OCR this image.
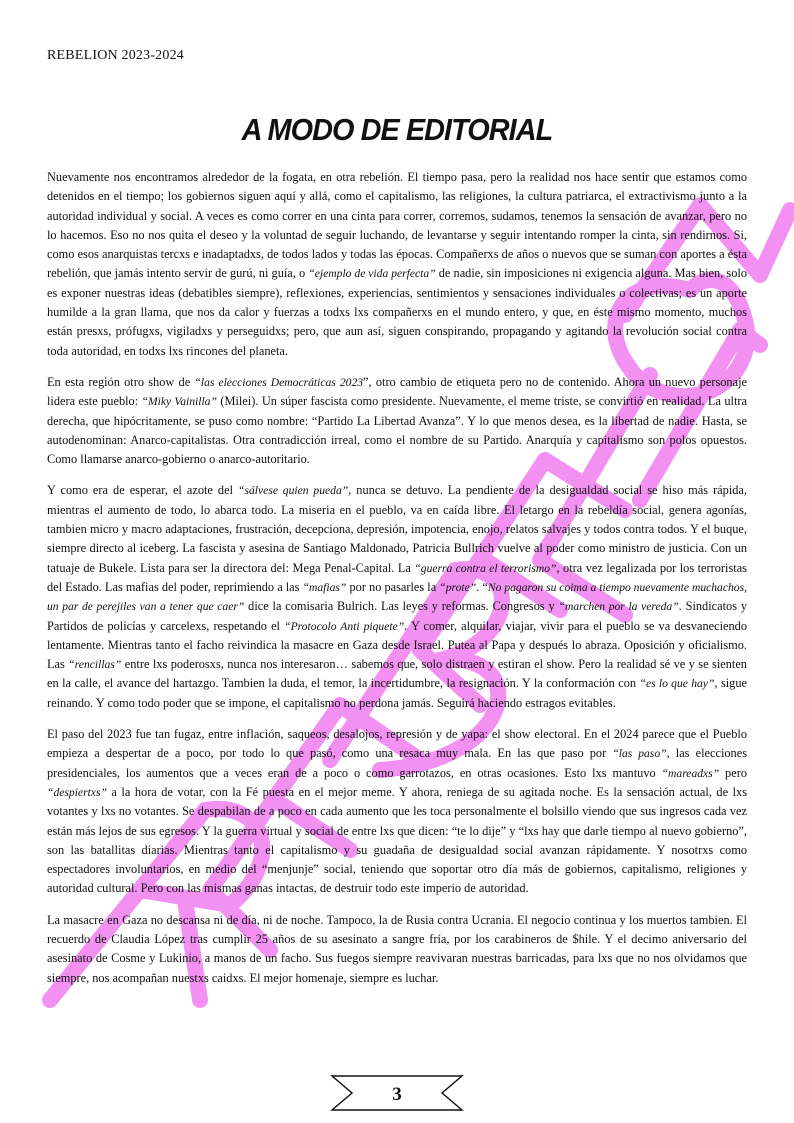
REBELION 2023-2024
A MODO DE EDITORIAL

Nuevamente nos encontramos alrededor de la fogata, en otra rebelión. El tiempo pasa, pero la realidad nos hace sentir que estamos como detenidos en el tiempo; los gobiernos siguen aquí y allá, como el capitalismo, las religiones, la cultura patriarca, el extractivismo junto a la autoridad individual y social. A veces es como correr en una cinta para correr, corremos, sudamos, tenemos la sensación de avanzar, pero no lo hacemos. Eso no nos quita el deseo y la voluntad de seguir luchando, de levantarse y seguir intentando romper la cinta, sin rendirnos. Si, como esos anarquistas tercxs e inadaptadxs, de todos lados y todas las épocas. Compañerxs de años o nuevos que se suman con aportes a ésta rebelión, que jamás intento servir de gurú, ni guía, o “ejemplo de vida perfecta” de nadie, sin imposiciones ni exigencia alguna. Mas bien, solo es exponer nuestras ideas (debatibles siempre), reflexiones, experiencias, sentimientos y sensaciones individuales o colectivas; es un aporte humilde a la gran llama, que nos da calor y fuerzas a todxs lxs compañerxs en el mundo entero, y que, en éste mismo momento, muchos están presxs, prófugxs, vigiladxs y perseguidxs; pero, que aun así, siguen conspirando, propagando y agitando la revolución social contra toda autoridad, en todxs lxs rincones del planeta.

En esta región otro show de “las elecciones Democráticas 2023”, otro cambio de etiqueta pero no de contenido. Ahora un nuevo personaje lidera este pueblo: “Miky Vainilla” (Milei). Un súper fascista como presidente. Nuevamente, el meme triste, se convirtió en realidad. La ultra derecha, que hipócritamente, se puso como nombre: “Partido La Libertad Avanza”. Y lo que menos desea, es la libertad de nadie. Hasta, se autodenominan: Anarco-capitalistas. Otra contradicción irreal, como el nombre de su Partido. Anarquía y capitalismo son polos opuestos. Como llamarse anarco-gobierno o anarco-autoritario.

Y como era de esperar, el azote del “sálvese quien pueda”, nunca se detuvo. La pendiente de la desigualdad social se hiso más rápida, mientras el aumento de todo, lo abarca todo. La miseria en el pueblo, va en caída libre. El letargo en la rebeldía social, genera agonías, tambien micro y macro adaptaciones, frustración, decepciona, depresión, impotencia, enojo, relatos salvajes y todos contra todos. Y el buque, siempre directo al iceberg. La fascista y asesina de Santiago Maldonado, Patricia Bullrich vuelve al poder como ministro de justicia. Con un tatuaje de Bukele. Lista para ser la directora del: Mega Penal-Capital. La “guerra contra el terrorismo”, otra vez legalizada por los terroristas del Estado. Las mafias del poder, reprimiendo a las “mafias” por no pasarles la “prote”. “No pagaron su coima a tiempo nuevamente muchachos, un par de perejiles van a tener que caer” dice la comisaria Bulrich. Las leyes y reformas. Congresos y “marchen por la vereda”. Sindicatos y Partidos de policías y carcelexs, respetando el “Protocolo Anti piquete”. Y comer, alquilar, viajar, vivir para el pueblo se va desvaneciendo lentamente. Mientras tanto el facho reivindica la masacre en Gaza desde Israel. Putea al Papa y después lo abraza. Oposición y oficialismo. Las “rencillas” entre lxs poderosxs, nunca nos interesaron… sabemos que, solo distraen y estiran el show. Pero la realidad sé ve y se sienten en la calle, el avance del hartazgo. Tambien la duda, el temor, la incertidumbre, la resignación. Y la conformación con “es lo que hay”, sigue reinando. Y como todo poder que se impone, el capitalismo no perdona jamás. Seguirá haciendo estragos evitables.

El paso del 2023 fue tan fugaz, entre inflación, saqueos, desalojos, represión y de yapa: el show electoral. En el 2024 parece que el Pueblo empieza a despertar de a poco, por todo lo que pasó, como una resaca muy mala. En las que paso por “las paso”, las elecciones presidenciales, los aumentos que a veces eran de a poco o como garrotazos, en otras ocasiones. Esto lxs mantuvo “mareadxs” pero “despiertxs” a la hora de votar, con la Fé puesta en el mejor meme. Y ahora, reniega de su agitada noche. Es la sensación actual, de lxs votantes y lxs no votantes. Se despabilan de a poco en cada aumento que les toca personalmente el bolsillo viendo que sus ingresos cada vez están más lejos de sus egresos. Y la guerra virtual y social de entre lxs que dicen: “te lo dije” y “lxs hay que darle tiempo al nuevo gobierno”, son las batallitas diarias. Mientras tanto el capitalismo y su guadaña de desigualdad social avanzan rápidamente. Y nosotrxs como espectadores involuntarios, en medio del “menjunje” social, teniendo que soportar otro día más de gobiernos, capitalismo, religiones y autoridad cultural. Pero con las mismas ganas intactas, de destruir todo este imperio de autoridad.

La masacre en Gaza no descansa ni de día, ni de noche. Tampoco, la de Rusia contra Ucrania. El negocio continua y los muertos tambien. El recuerdo de Claudia López tras cumplir 25 años de su asesinato a sangre fría, por los carabineros de $hile. Y el decimo aniversario del asesinato de Cosme y Lukinio, a manos de un facho. Sus fuegos siempre reavivaran nuestras barricadas, para lxs que no nos olvidamos que siempre, nos acompañan nuestxs caidxs. El mejor homenaje, siempre es luchar.

3
